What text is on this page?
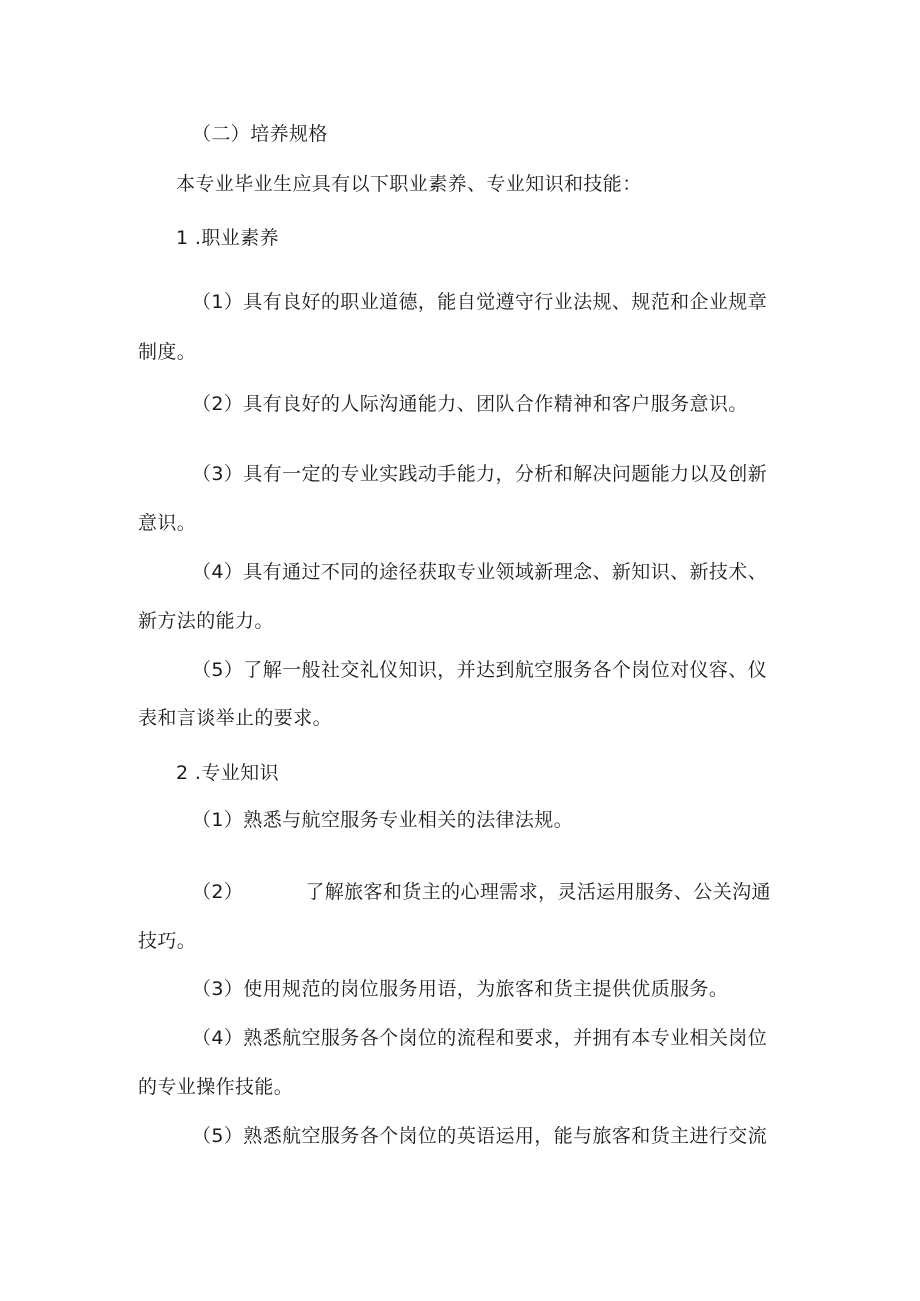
（二）培养规格
本专业毕业生应具有以下职业素养、专业知识和技能：
1 .职业素养
（1）具有良好的职业道德，能自觉遵守行业法规、规范和企业规章
制度。
（2）具有良好的人际沟通能力、团队合作精神和客户服务意识。
（3）具有一定的专业实践动手能力，分析和解决问题能力以及创新
意识。
（4）具有通过不同的途径获取专业领域新理念、新知识、新技术、
新方法的能力。
（5）了解一般社交礼仪知识，并达到航空服务各个岗位对仪容、仪
表和言谈举止的要求。
2 .专业知识
（1）熟悉与航空服务专业相关的法律法规。
（2）	了解旅客和货主的心理需求，灵活运用服务、公关沟通
技巧。
（3）使用规范的岗位服务用语，为旅客和货主提供优质服务。
（4）熟悉航空服务各个岗位的流程和要求，并拥有本专业相关岗位
的专业操作技能。
（5）熟悉航空服务各个岗位的英语运用，能与旅客和货主进行交流
